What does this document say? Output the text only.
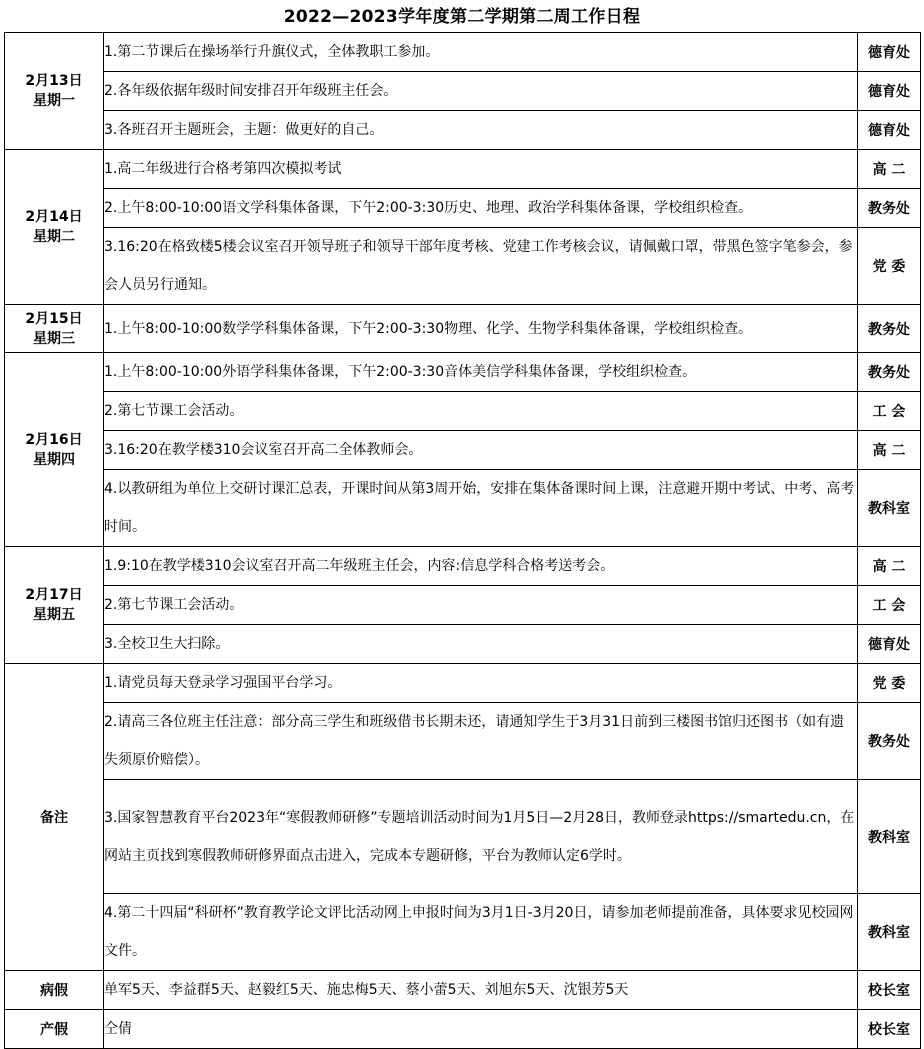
2022—2023学年度第二学期第二周工作日程
2月13日
星期一	1.第二节课后在操场举行升旗仪式，全体教职工参加。	德育处
	2.各年级依据年级时间安排召开年级班主任会。	德育处
	3.各班召开主题班会，主题：做更好的自己。	德育处

2月14日
星期二	1.高二年级进行合格考第四次模拟考试	高 二
	2.上午8:00-10:00语文学科集体备课，下午2:00-3:30历史、地理、政治学科集体备课，学校组织检查。	教务处
	3.16:20在格致楼5楼会议室召开领导班子和领导干部年度考核、党建工作考核会议，请佩戴口罩，带黑色签字笔参会，参会人员另行通知。	党 委

2月15日
星期三	1.上午8:00-10:00数学学科集体备课，下午2:00-3:30物理、化学、生物学科集体备课，学校组织检查。	教务处

2月16日
星期四	1.上午8:00-10:00外语学科集体备课，下午2:00-3:30音体美信学科集体备课，学校组织检查。	教务处
	2.第七节课工会活动。	工 会
	3.16:20在教学楼310会议室召开高二全体教师会。	高 二
	4.以教研组为单位上交研讨课汇总表，开课时间从第3周开始，安排在集体备课时间上课，注意避开期中考试、中考、高考时间。	教科室

2月17日
星期五	1.9:10在教学楼310会议室召开高二年级班主任会，内容:信息学科合格考送考会。	高 二
	2.第七节课工会活动。	工 会
	3.全校卫生大扫除。	德育处
备注	1.请党员每天登录学习强国平台学习。	党 委
	2.请高三各位班主任注意：部分高三学生和班级借书长期未还，请通知学生于3月31日前到三楼图书馆归还图书（如有遗失须原价赔偿）。	教务处
	3.国家智慧教育平台2023年“寒假教师研修”专题培训活动时间为1月5日—2月28日，教师登录https://smartedu.cn，在网站主页找到寒假教师研修界面点击进入，完成本专题研修，平台为教师认定6学时。	教科室
	4.第二十四届“科研杯”教育教学论文评比活动网上申报时间为3月1日-3月20日，请参加老师提前准备，具体要求见校园网文件。	教科室
病假	单军5天、李益群5天、赵毅红5天、施忠梅5天、蔡小蕾5天、刘旭东5天、沈银芳5天	校长室
产假	仝倩	校长室
